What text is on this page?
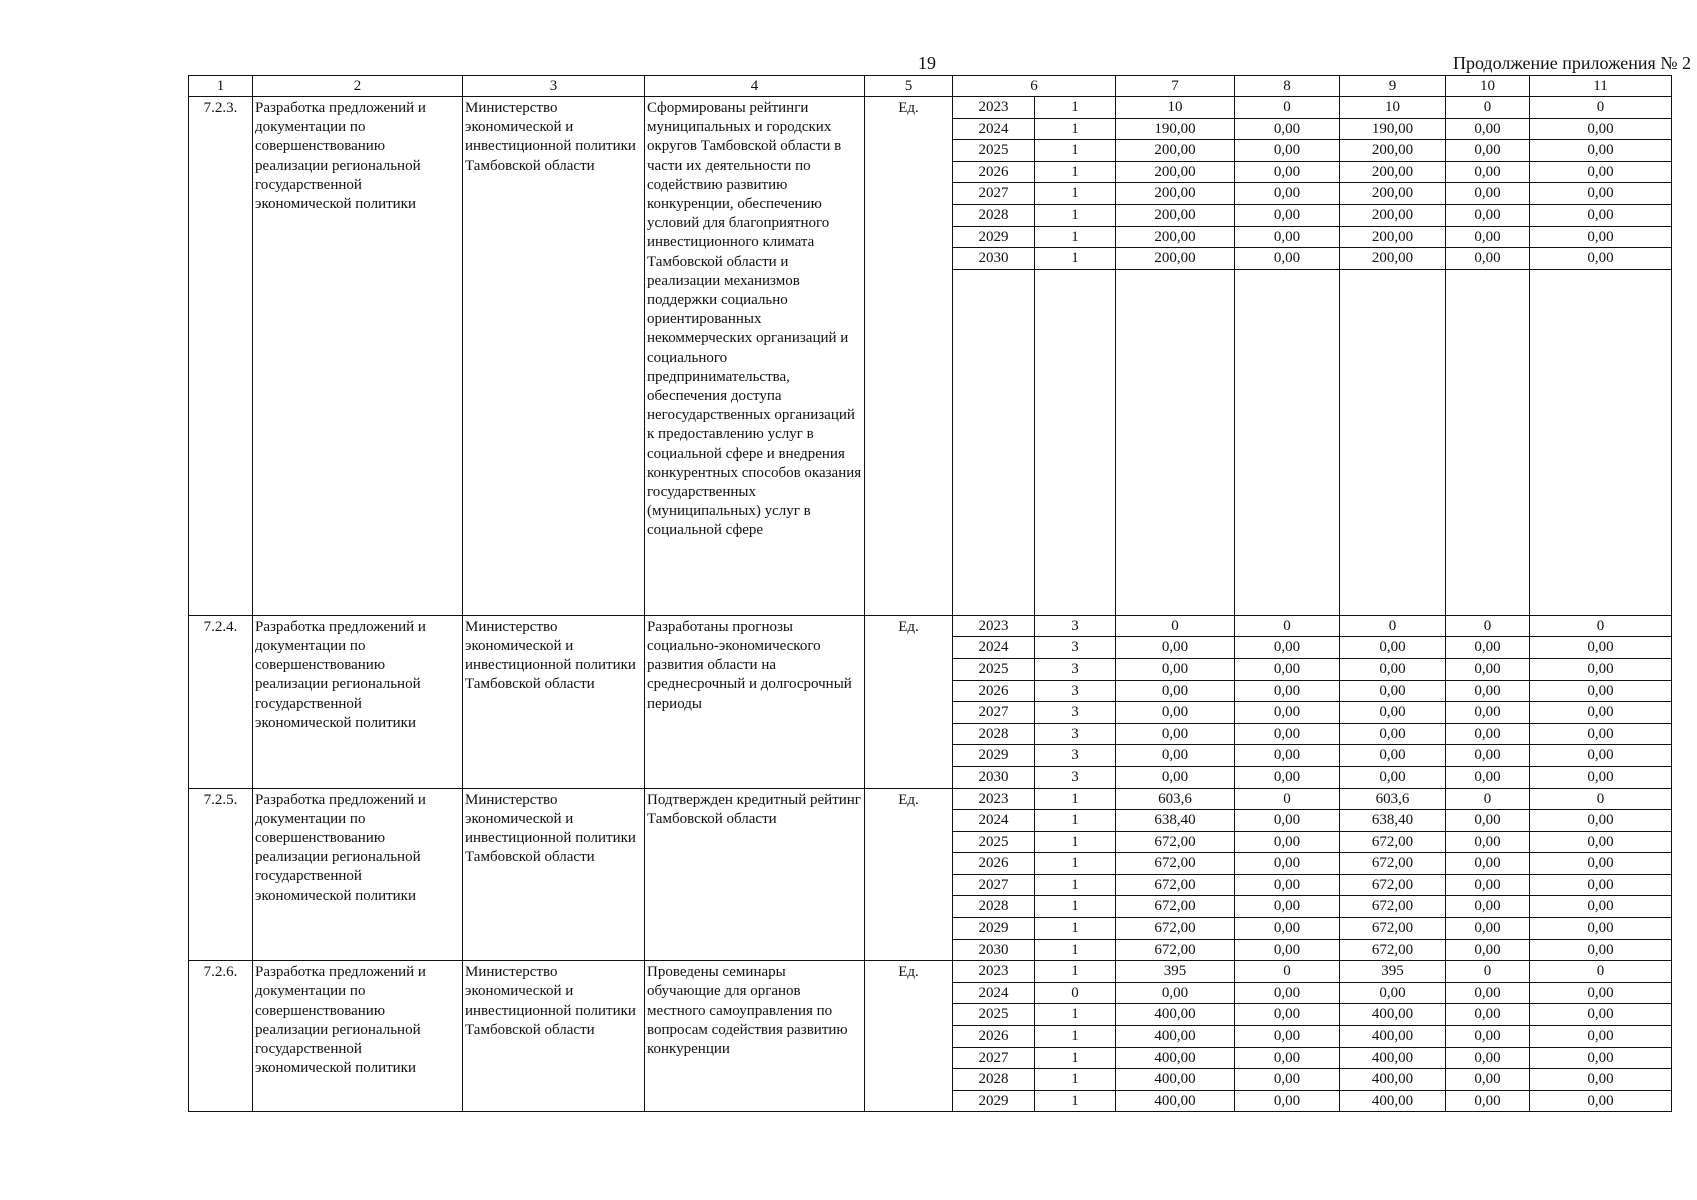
19	Продолжение приложения № 2
1	2	3	4	5	6		7	8	9	10	11
7.2.3.	Разработка предложений и документации по совершенствованию реализации региональной государственной экономической политики	Министерство экономической и инвестиционной политики Тамбовской области	Сформированы рейтинги муниципальных и городских округов Тамбовской области в части их деятельности по содействию развитию конкуренции, обеспечению условий для благоприятного инвестиционного климата Тамбовской области и реализации механизмов поддержки социально ориентированных некоммерческих организаций и социального предпринимательства, обеспечения доступа негосударственных организаций к предоставлению услуг в социальной сфере и внедрения конкурентных способов оказания государственных (муниципальных) услуг в социальной сфере	Ед.	2023	1	10	0	10	0	0
					2024	1	190,00	0,00	190,00	0,00	0,00
					2025	1	200,00	0,00	200,00	0,00	0,00
					2026	1	200,00	0,00	200,00	0,00	0,00
					2027	1	200,00	0,00	200,00	0,00	0,00
					2028	1	200,00	0,00	200,00	0,00	0,00
					2029	1	200,00	0,00	200,00	0,00	0,00
					2030	1	200,00	0,00	200,00	0,00	0,00

7.2.4.	Разработка предложений и документации по совершенствованию реализации региональной государственной экономической политики	Министерство экономической и инвестиционной политики Тамбовской области	Разработаны прогнозы социально-экономического развития области на среднесрочный и долгосрочный периоды	Ед.	2023	3	0	0	0	0	0
					2024	3	0,00	0,00	0,00	0,00	0,00
					2025	3	0,00	0,00	0,00	0,00	0,00
					2026	3	0,00	0,00	0,00	0,00	0,00
					2027	3	0,00	0,00	0,00	0,00	0,00
					2028	3	0,00	0,00	0,00	0,00	0,00
					2029	3	0,00	0,00	0,00	0,00	0,00
					2030	3	0,00	0,00	0,00	0,00	0,00
7.2.5.	Разработка предложений и документации по совершенствованию реализации региональной государственной экономической политики	Министерство экономической и инвестиционной политики Тамбовской области	Подтвержден кредитный рейтинг Тамбовской области	Ед.	2023	1	603,6	0	603,6	0	0
					2024	1	638,40	0,00	638,40	0,00	0,00
					2025	1	672,00	0,00	672,00	0,00	0,00
					2026	1	672,00	0,00	672,00	0,00	0,00
					2027	1	672,00	0,00	672,00	0,00	0,00
					2028	1	672,00	0,00	672,00	0,00	0,00
					2029	1	672,00	0,00	672,00	0,00	0,00
					2030	1	672,00	0,00	672,00	0,00	0,00
7.2.6.	Разработка предложений и документации по совершенствованию реализации региональной государственной экономической политики	Министерство экономической и инвестиционной политики Тамбовской области	Проведены семинары обучающие для органов местного самоуправления по вопросам содействия развитию конкуренции	Ед.	2023	1	395	0	395	0	0
					2024	0	0,00	0,00	0,00	0,00	0,00
					2025	1	400,00	0,00	400,00	0,00	0,00
					2026	1	400,00	0,00	400,00	0,00	0,00
					2027	1	400,00	0,00	400,00	0,00	0,00
					2028	1	400,00	0,00	400,00	0,00	0,00
					2029	1	400,00	0,00	400,00	0,00	0,00
